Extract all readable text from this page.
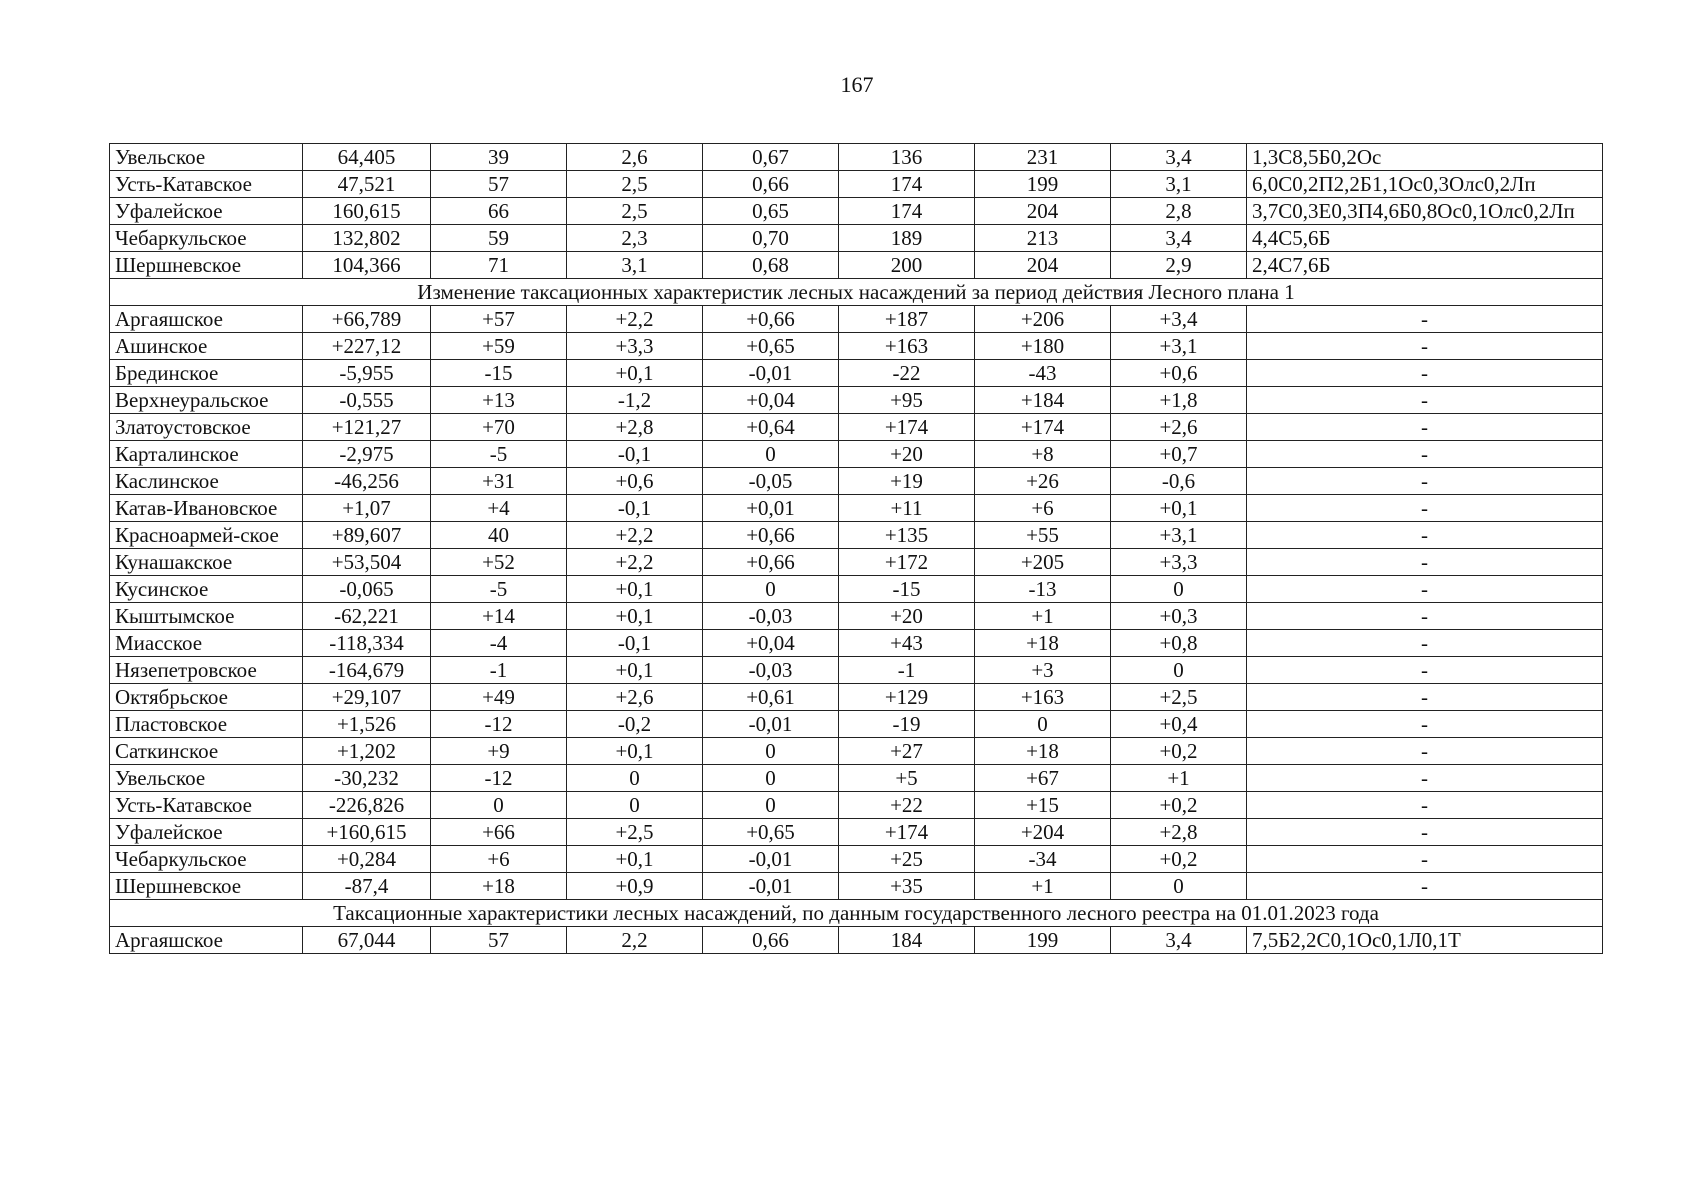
167
Увельское	64,405	39	2,6	0,67	136	231	3,4	1,3С8,5Б0,2Ос
Усть-Катавское	47,521	57	2,5	0,66	174	199	3,1	6,0С0,2П2,2Б1,1Ос0,3Олс0,2Лп
Уфалейское	160,615	66	2,5	0,65	174	204	2,8	3,7С0,3Е0,3П4,6Б0,8Ос0,1Олс0,2Лп
Чебаркульское	132,802	59	2,3	0,70	189	213	3,4	4,4С5,6Б
Шершневское	104,366	71	3,1	0,68	200	204	2,9	2,4С7,6Б
Изменение таксационных характеристик лесных насаждений за период действия Лесного плана 1								
Аргаяшское	+66,789	+57	+2,2	+0,66	+187	+206	+3,4	-
Ашинское	+227,12	+59	+3,3	+0,65	+163	+180	+3,1	-
Брединское	-5,955	-15	+0,1	-0,01	-22	-43	+0,6	-
Верхнеуральское	-0,555	+13	-1,2	+0,04	+95	+184	+1,8	-
Златоустовское	+121,27	+70	+2,8	+0,64	+174	+174	+2,6	-
Карталинское	-2,975	-5	-0,1	0	+20	+8	+0,7	-
Каслинское	-46,256	+31	+0,6	-0,05	+19	+26	-0,6	-
Катав-Ивановское	+1,07	+4	-0,1	+0,01	+11	+6	+0,1	-
Красноармей-ское	+89,607	40	+2,2	+0,66	+135	+55	+3,1	-
Кунашакское	+53,504	+52	+2,2	+0,66	+172	+205	+3,3	-
Кусинское	-0,065	-5	+0,1	0	-15	-13	0	-
Кыштымское	-62,221	+14	+0,1	-0,03	+20	+1	+0,3	-
Миасское	-118,334	-4	-0,1	+0,04	+43	+18	+0,8	-
Нязепетровское	-164,679	-1	+0,1	-0,03	-1	+3	0	-
Октябрьское	+29,107	+49	+2,6	+0,61	+129	+163	+2,5	-
Пластовское	+1,526	-12	-0,2	-0,01	-19	0	+0,4	-
Саткинское	+1,202	+9	+0,1	0	+27	+18	+0,2	-
Увельское	-30,232	-12	0	0	+5	+67	+1	-
Усть-Катавское	-226,826	0	0	0	+22	+15	+0,2	-
Уфалейское	+160,615	+66	+2,5	+0,65	+174	+204	+2,8	-
Чебаркульское	+0,284	+6	+0,1	-0,01	+25	-34	+0,2	-
Шершневское	-87,4	+18	+0,9	-0,01	+35	+1	0	-
Таксационные характеристики лесных насаждений, по данным государственного лесного реестра на 01.01.2023 года								
Аргаяшское	67,044	57	2,2	0,66	184	199	3,4	7,5Б2,2С0,1Ос0,1Л0,1Т
